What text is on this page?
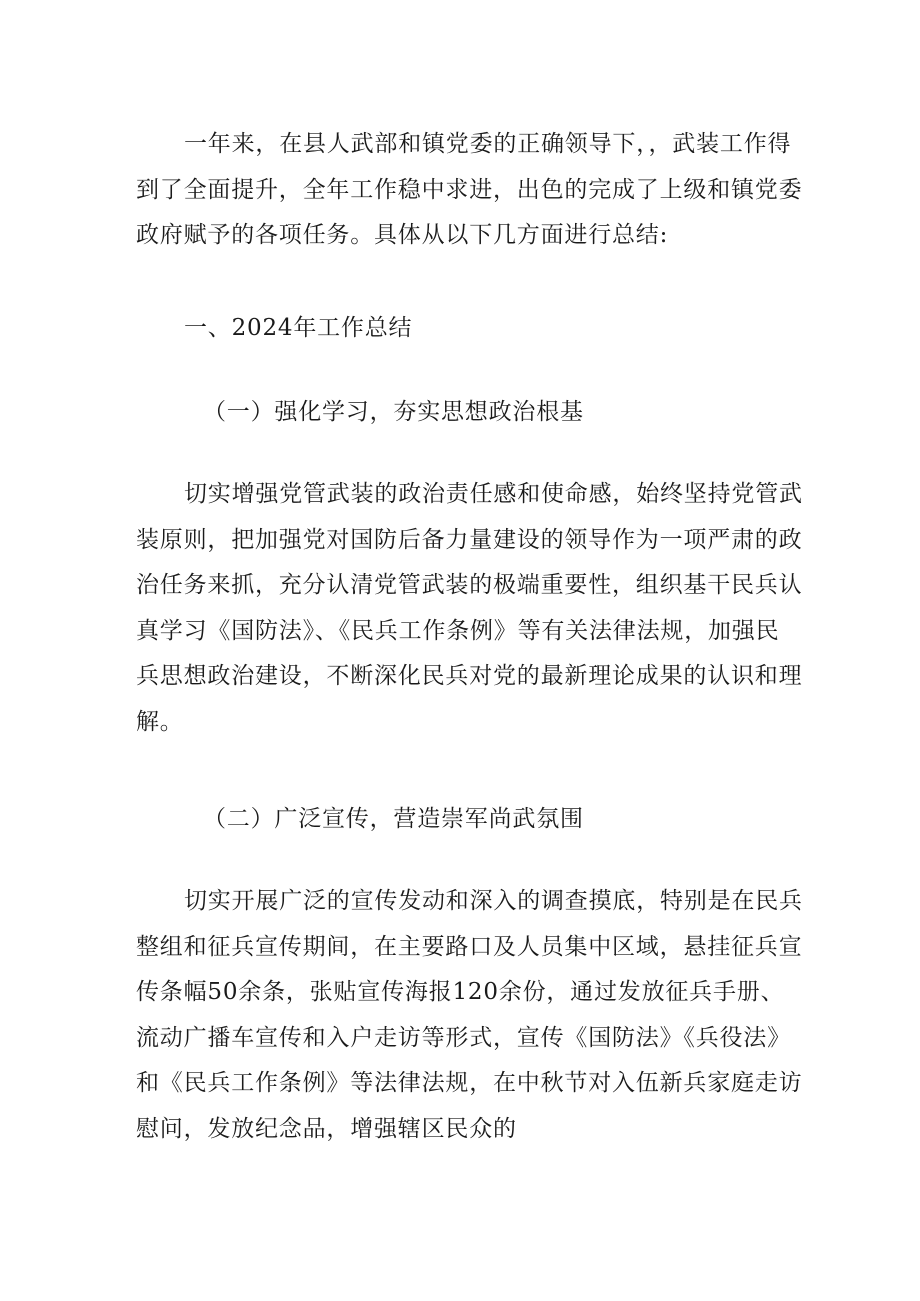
一年来，在县人武部和镇党委的正确领导下，，武装工作得
到了全面提升，全年工作稳中求进，出色的完成了上级和镇党委
政府赋予的各项任务。具体从以下几方面进行总结:
一、2024年工作总结
（一）强化学习，夯实思想政治根基
切实增强党管武装的政治责任感和使命感，始终坚持党管武
装原则，把加强党对国防后备力量建设的领导作为一项严肃的政
治任务来抓，充分认清党管武装的极端重要性，组织基干民兵认
真学习《国防法》、《民兵工作条例》等有关法律法规，加强民
兵思想政治建设，不断深化民兵对党的最新理论成果的认识和理
解。
（二）广泛宣传，营造崇军尚武氛围
切实开展广泛的宣传发动和深入的调查摸底，特别是在民兵
整组和征兵宣传期间，在主要路口及人员集中区域，悬挂征兵宣
传条幅50余条，张贴宣传海报120余份，通过发放征兵手册、
流动广播车宣传和入户走访等形式，宣传《国防法》《兵役法》
和《民兵工作条例》等法律法规，在中秋节对入伍新兵家庭走访
慰问，发放纪念品，增强辖区民众的
